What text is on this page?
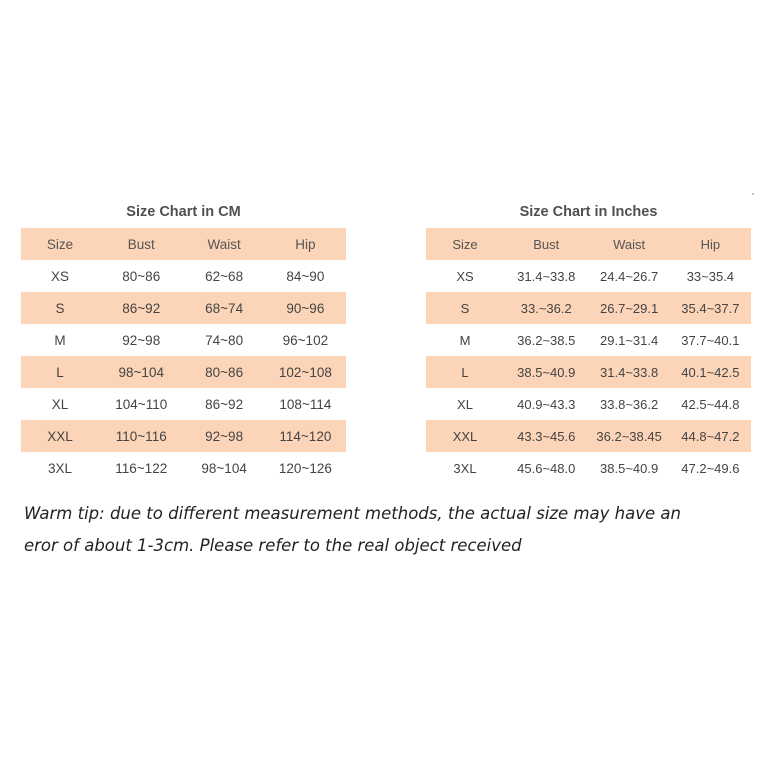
Size Chart in CM
Size	Bust	Waist	Hip
XS	80~86	62~68	84~90
S	86~92	68~74	90~96
M	92~98	74~80	96~102
L	98~104	80~86	102~108
XL	104~110	86~92	108~114
XXL	110~116	92~98	114~120
3XL	116~122	98~104	120~126
Size Chart in Inches
Size	Bust	Waist	Hip
XS	31.4~33.8	24.4~26.7	33~35.4
S	33.~36.2	26.7~29.1	35.4~37.7
M	36.2~38.5	29.1~31.4	37.7~40.1
L	38.5~40.9	31.4~33.8	40.1~42.5
XL	40.9~43.3	33.8~36.2	42.5~44.8
XXL	43.3~45.6	36.2~38.45	44.8~47.2
3XL	45.6~48.0	38.5~40.9	47.2~49.6

Warm tip: due to different measurement methods, the actual size may have an

eror of about 1-3cm. Please refer to the real object received
